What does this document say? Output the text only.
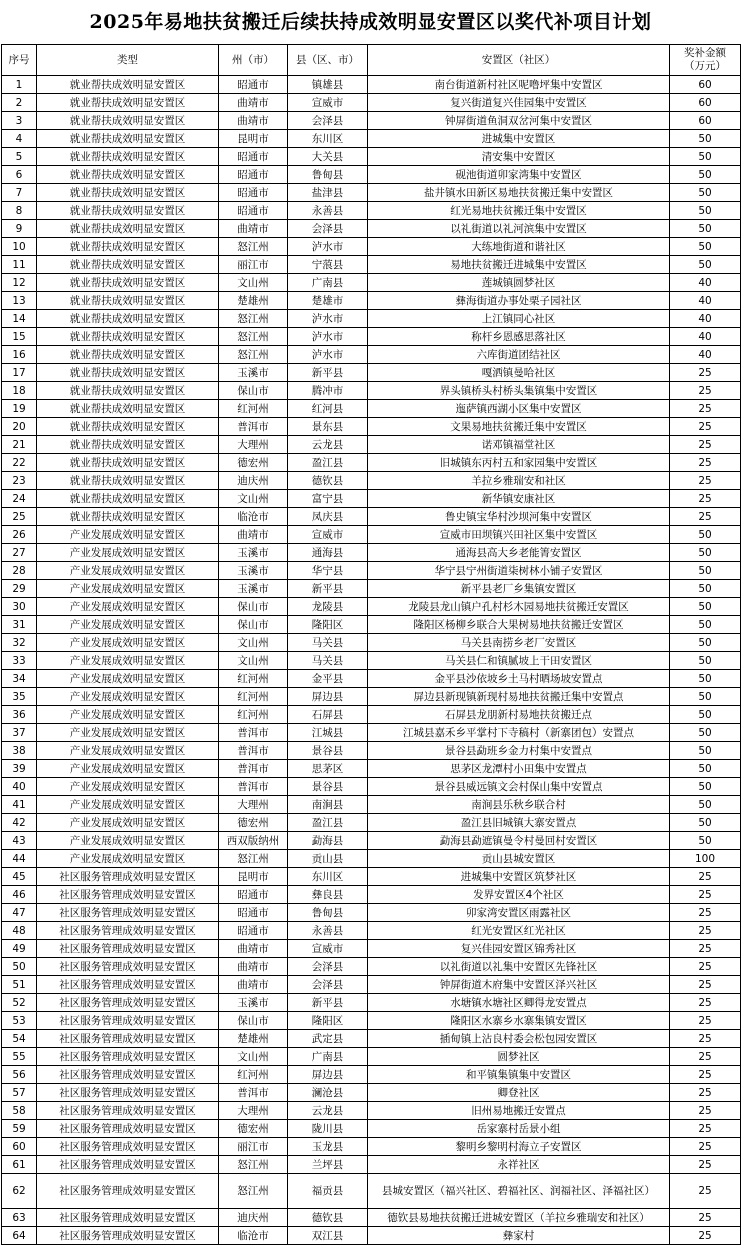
2025年易地扶贫搬迁后续扶持成效明显安置区以奖代补项目计划
序号	类型	州（市）	县（区、市）	安置区（社区）	奖补金额
（万元）
1	就业帮扶成效明显安置区	昭通市	镇雄县	南台街道新村社区呢噜坪集中安置区	60
2	就业帮扶成效明显安置区	曲靖市	宣威市	复兴街道复兴佳园集中安置区	60
3	就业帮扶成效明显安置区	曲靖市	会泽县	钟屏街道鱼洞双岔河集中安置区	60
4	就业帮扶成效明显安置区	昆明市	东川区	进城集中安置区	50
5	就业帮扶成效明显安置区	昭通市	大关县	清安集中安置区	50
6	就业帮扶成效明显安置区	昭通市	鲁甸县	砚池街道卯家湾集中安置区	50
7	就业帮扶成效明显安置区	昭通市	盐津县	盐井镇水田新区易地扶贫搬迁集中安置区	50
8	就业帮扶成效明显安置区	昭通市	永善县	红光易地扶贫搬迁集中安置区	50
9	就业帮扶成效明显安置区	曲靖市	会泽县	以礼街道以礼河滨集中安置区	50
10	就业帮扶成效明显安置区	怒江州	泸水市	大练地街道和谐社区	50
11	就业帮扶成效明显安置区	丽江市	宁蒗县	易地扶贫搬迁进城集中安置区	50
12	就业帮扶成效明显安置区	文山州	广南县	莲城镇圆梦社区	40
13	就业帮扶成效明显安置区	楚雄州	楚雄市	彝海街道办事处栗子园社区	40
14	就业帮扶成效明显安置区	怒江州	泸水市	上江镇同心社区	40
15	就业帮扶成效明显安置区	怒江州	泸水市	称杆乡恩感思落社区	40
16	就业帮扶成效明显安置区	怒江州	泸水市	六库街道团结社区	40
17	就业帮扶成效明显安置区	玉溪市	新平县	嘎洒镇曼哈社区	25
18	就业帮扶成效明显安置区	保山市	腾冲市	界头镇桥头村桥头集镇集中安置区	25
19	就业帮扶成效明显安置区	红河州	红河县	迤萨镇西湖小区集中安置区	25
20	就业帮扶成效明显安置区	普洱市	景东县	文果易地扶贫搬迁集中安置区	25
21	就业帮扶成效明显安置区	大理州	云龙县	诺邓镇福堂社区	25
22	就业帮扶成效明显安置区	德宏州	盈江县	旧城镇东丙村五和家园集中安置区	25
23	就业帮扶成效明显安置区	迪庆州	德钦县	羊拉乡雅瑞安和社区	25
24	就业帮扶成效明显安置区	文山州	富宁县	新华镇安康社区	25
25	就业帮扶成效明显安置区	临沧市	凤庆县	鲁史镇宝华村沙坝河集中安置区	25
26	产业发展成效明显安置区	曲靖市	宣威市	宣威市田坝镇兴田社区集中安置区	50
27	产业发展成效明显安置区	玉溪市	通海县	通海县高大乡老能箐安置区	50
28	产业发展成效明显安置区	玉溪市	华宁县	华宁县宁州街道柒树林小铺子安置区	50
29	产业发展成效明显安置区	玉溪市	新平县	新平县老厂乡集镇安置区	50
30	产业发展成效明显安置区	保山市	龙陵县	龙陵县龙山镇户孔村杉木园易地扶贫搬迁安置区	50
31	产业发展成效明显安置区	保山市	隆阳区	隆阳区杨柳乡联合大果树易地扶贫搬迁安置区	50
32	产业发展成效明显安置区	文山州	马关县	马关县南捞乡老厂安置区	50
33	产业发展成效明显安置区	文山州	马关县	马关县仁和镇腻坡上干田安置区	50
34	产业发展成效明显安置区	红河州	金平县	金平县沙依坡乡土马村晒场坡安置点	50
35	产业发展成效明显安置区	红河州	屏边县	屏边县新现镇新现村易地扶贫搬迁集中安置点	50
36	产业发展成效明显安置区	红河州	石屏县	石屏县龙朋新村易地扶贫搬迁点	50
37	产业发展成效明显安置区	普洱市	江城县	江城县嘉禾乡平掌村下寺稿村（新寨团包）安置点	50
38	产业发展成效明显安置区	普洱市	景谷县	景谷县勐班乡金力村集中安置点	50
39	产业发展成效明显安置区	普洱市	思茅区	思茅区龙潭村小田集中安置点	50
40	产业发展成效明显安置区	普洱市	景谷县	景谷县威远镇文会村保山集中安置点	50
41	产业发展成效明显安置区	大理州	南涧县	南涧县乐秋乡联合村	50
42	产业发展成效明显安置区	德宏州	盈江县	盈江县旧城镇大寨安置点	50
43	产业发展成效明显安置区	西双版纳州	勐海县	勐海县勐遮镇曼令村曼回村安置区	50
44	产业发展成效明显安置区	怒江州	贡山县	贡山县城安置区	100
45	社区服务管理成效明显安置区	昆明市	东川区	进城集中安置区筑梦社区	25
46	社区服务管理成效明显安置区	昭通市	彝良县	发界安置区4个社区	25
47	社区服务管理成效明显安置区	昭通市	鲁甸县	卯家湾安置区雨露社区	25
48	社区服务管理成效明显安置区	昭通市	永善县	红光安置区红光社区	25
49	社区服务管理成效明显安置区	曲靖市	宣威市	复兴佳园安置区锦秀社区	25
50	社区服务管理成效明显安置区	曲靖市	会泽县	以礼街道以礼集中安置区先锋社区	25
51	社区服务管理成效明显安置区	曲靖市	会泽县	钟屏街道木府集中安置区泽兴社区	25
52	社区服务管理成效明显安置区	玉溪市	新平县	水塘镇水塘社区卿得龙安置点	25
53	社区服务管理成效明显安置区	保山市	隆阳区	隆阳区水寨乡水寨集镇安置区	25
54	社区服务管理成效明显安置区	楚雄州	武定县	插甸镇上沾良村委会松包园安置区	25
55	社区服务管理成效明显安置区	文山州	广南县	圆梦社区	25
56	社区服务管理成效明显安置区	红河州	屏边县	和平镇集镇集中安置区	25
57	社区服务管理成效明显安置区	普洱市	澜沧县	卿登社区	25
58	社区服务管理成效明显安置区	大理州	云龙县	旧州易地搬迁安置点	25
59	社区服务管理成效明显安置区	德宏州	陇川县	岳家寨村岳景小组	25
60	社区服务管理成效明显安置区	丽江市	玉龙县	黎明乡黎明村海立子安置区	25
61	社区服务管理成效明显安置区	怒江州	兰坪县	永祥社区	25
62	社区服务管理成效明显安置区	怒江州	福贡县	县城安置区（福兴社区、碧福社区、润福社区、泽福社区）	25
63	社区服务管理成效明显安置区	迪庆州	德钦县	德钦县易地扶贫搬迁进城安置区（羊拉乡雅瑞安和社区）	25
64	社区服务管理成效明显安置区	临沧市	双江县	彝家村	25
